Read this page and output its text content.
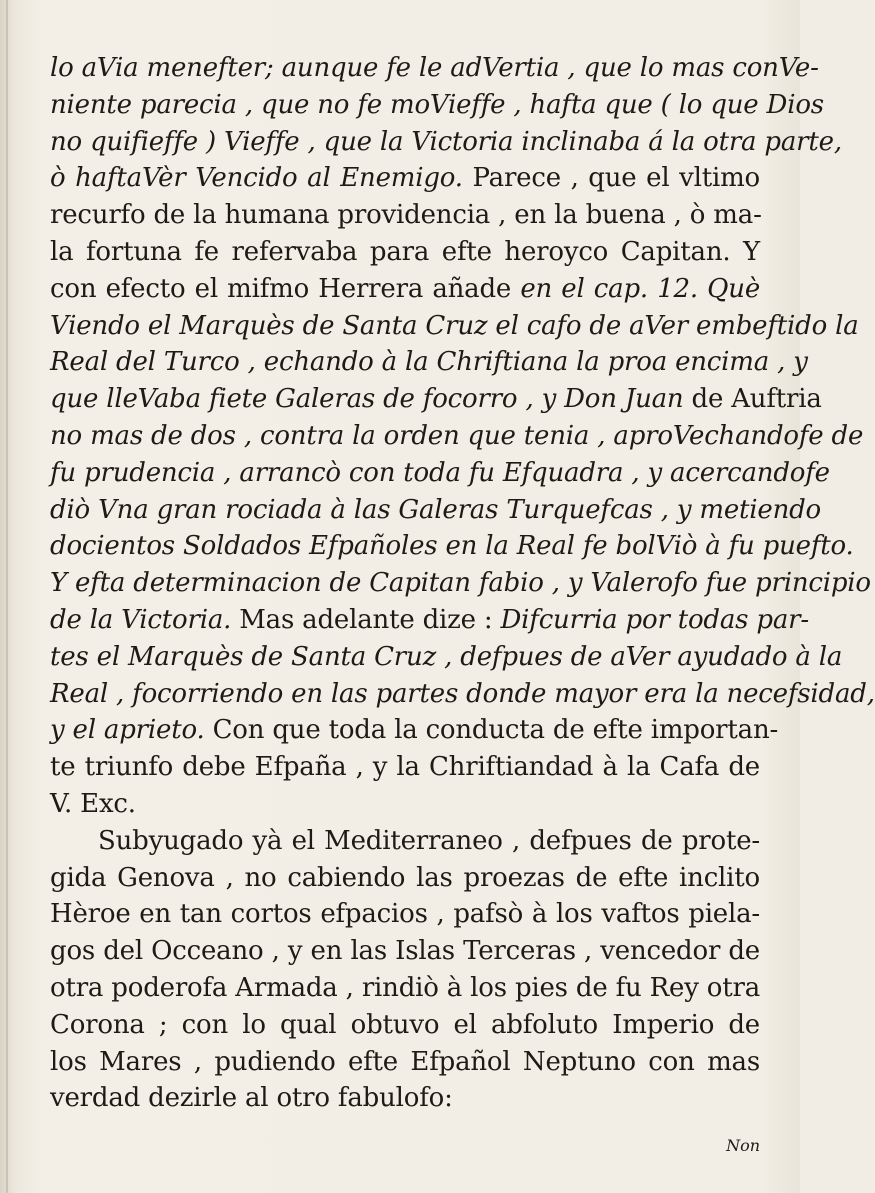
lo aVia menefter; aunque fe le adVertia , que lo mas conVe-
niente parecia , que no fe moVieffe , hafta que ( lo que Dios
no quifieffe ) Vieffe , que la Victoria inclinaba á la otra parte,
ò haftaVèr Vencido al Enemigo. Parece , que el vltimo
recurfo de la humana providencia , en la buena , ò ma-
la fortuna fe refervaba para efte heroyco Capitan. Y
con efecto el mifmo Herrera añade en el cap. 12. Què
Viendo el Marquès de Santa Cruz el cafo de aVer embeftido la
Real del Turco , echando à la Chriftiana la proa encima , y
que lleVaba fiete Galeras de focorro , y Don Juan de Auftria
no mas de dos , contra la orden que tenia , aproVechandofe de
fu prudencia , arrancò con toda fu Efquadra , y acercandofe
diò Vna gran rociada à las Galeras Turquefcas , y metiendo
docientos Soldados Efpañoles en la Real fe bolViò à fu puefto.
Y efta determinacion de Capitan fabio , y Valerofo fue principio
de la Victoria. Mas adelante dize : Difcurria por todas par-
tes el Marquès de Santa Cruz , defpues de aVer ayudado à la
Real , focorriendo en las partes donde mayor era la necefsidad,
y el aprieto. Con que toda la conducta de efte importan-
te triunfo debe Efpaña , y la Chriftiandad à la Cafa de
V. Exc.
Subyugado yà el Mediterraneo , defpues de prote-
gida Genova , no cabiendo las proezas de efte inclito
Hèroe en tan cortos efpacios , pafsò à los vaftos piela-
gos del Occeano , y en las Islas Terceras , vencedor de
otra poderofa Armada , rindiò à los pies de fu Rey otra
Corona ; con lo qual obtuvo el abfoluto Imperio de
los Mares , pudiendo efte Efpañol Neptuno con mas
verdad dezirle al otro fabulofo:
Non
